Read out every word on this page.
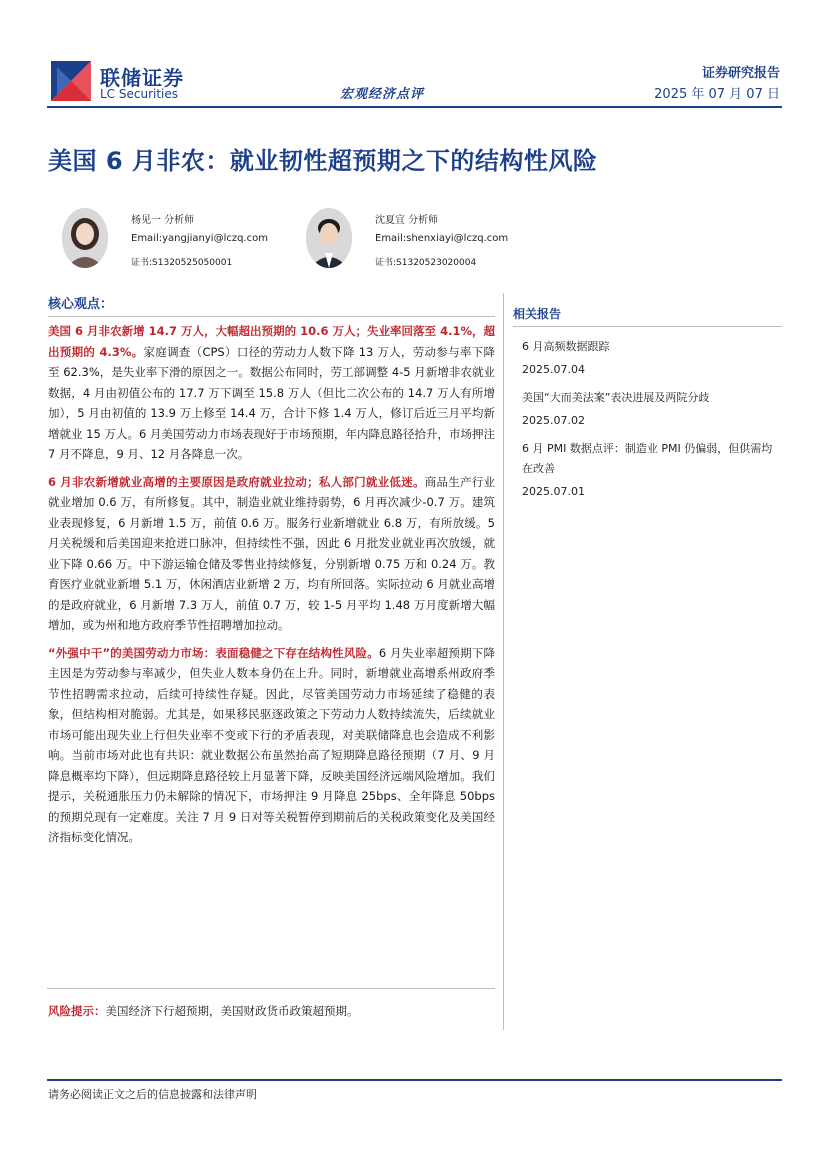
联储证券
LC Securities	宏观经济点评
证券研究报告
2025 年 07 月 07 日
美国 6 月非农：就业韧性超预期之下的结构性风险
杨见一 分析师
Email:yangjianyi@lczq.com
证书:S1320525050001
沈夏宜 分析师
Email:shenxiayi@lczq.com
证书:S1320523020004
核心观点：

美国 6 月非农新增 14.7 万人，大幅超出预期的 10.6 万人；失业率回落至 4.1%，超出预期的 4.3%。家庭调查（CPS）口径的劳动力人数下降 13 万人，劳动参与率下降至 62.3%，是失业率下滑的原因之一。数据公布同时，劳工部调整 4-5 月新增非农就业数据，4 月由初值公布的 17.7 万下调至 15.8 万人（但比二次公布的 14.7 万人有所增加），5 月由初值的 13.9 万上修至 14.4 万，合计下修 1.4 万人，修订后近三月平均新增就业 15 万人。6 月美国劳动力市场表现好于市场预期，年内降息路径拾升，市场押注 7 月不降息，9 月、12 月各降息一次。

6 月非农新增就业高增的主要原因是政府就业拉动；私人部门就业低迷。商品生产行业就业增加 0.6 万，有所修复。其中，制造业就业维持弱势，6 月再次减少-0.7 万。建筑业表现修复，6 月新增 1.5 万，前值 0.6 万。服务行业新增就业 6.8 万，有所放缓。5 月关税缓和后美国迎来抢进口脉冲，但持续性不强，因此 6 月批发业就业再次放缓，就业下降 0.66 万。中下游运输仓储及零售业持续修复，分别新增 0.75 万和 0.24 万。教育医疗业就业新增 5.1 万，休闲酒店业新增 2 万，均有所回落。实际拉动 6 月就业高增的是政府就业，6 月新增 7.3 万人，前值 0.7 万，较 1-5 月平均 1.48 万月度新增大幅增加，或为州和地方政府季节性招聘增加拉动。

“外强中干”的美国劳动力市场：表面稳健之下存在结构性风险。6 月失业率超预期下降主因是为劳动参与率减少，但失业人数本身仍在上升。同时，新增就业高增系州政府季节性招聘需求拉动，后续可持续性存疑。因此，尽管美国劳动力市场延续了稳健的表象，但结构相对脆弱。尤其是，如果移民驱逐政策之下劳动力人数持续流失，后续就业市场可能出现失业上行但失业率不变或下行的矛盾表现，对美联储降息也会造成不利影响。当前市场对此也有共识：就业数据公布虽然抬高了短期降息路径预期（7 月、9 月降息概率均下降），但远期降息路径较上月显著下降，反映美国经济远端风险增加。我们提示，关税通胀压力仍未解除的情况下，市场押注 9 月降息 25bps、全年降息 50bps 的预期兑现有一定难度。关注 7 月 9 日对等关税暂停到期前后的关税政策变化及美国经济指标变化情况。

风险提示：美国经济下行超预期，美国财政货币政策超预期。
相关报告
6 月高频数据跟踪
2025.07.04
美国“大而美法案”表决进展及两院分歧
2025.07.02
6 月 PMI 数据点评：制造业 PMI 仍偏弱，但供需均在改善
2025.07.01
请务必阅读正文之后的信息披露和法律声明
